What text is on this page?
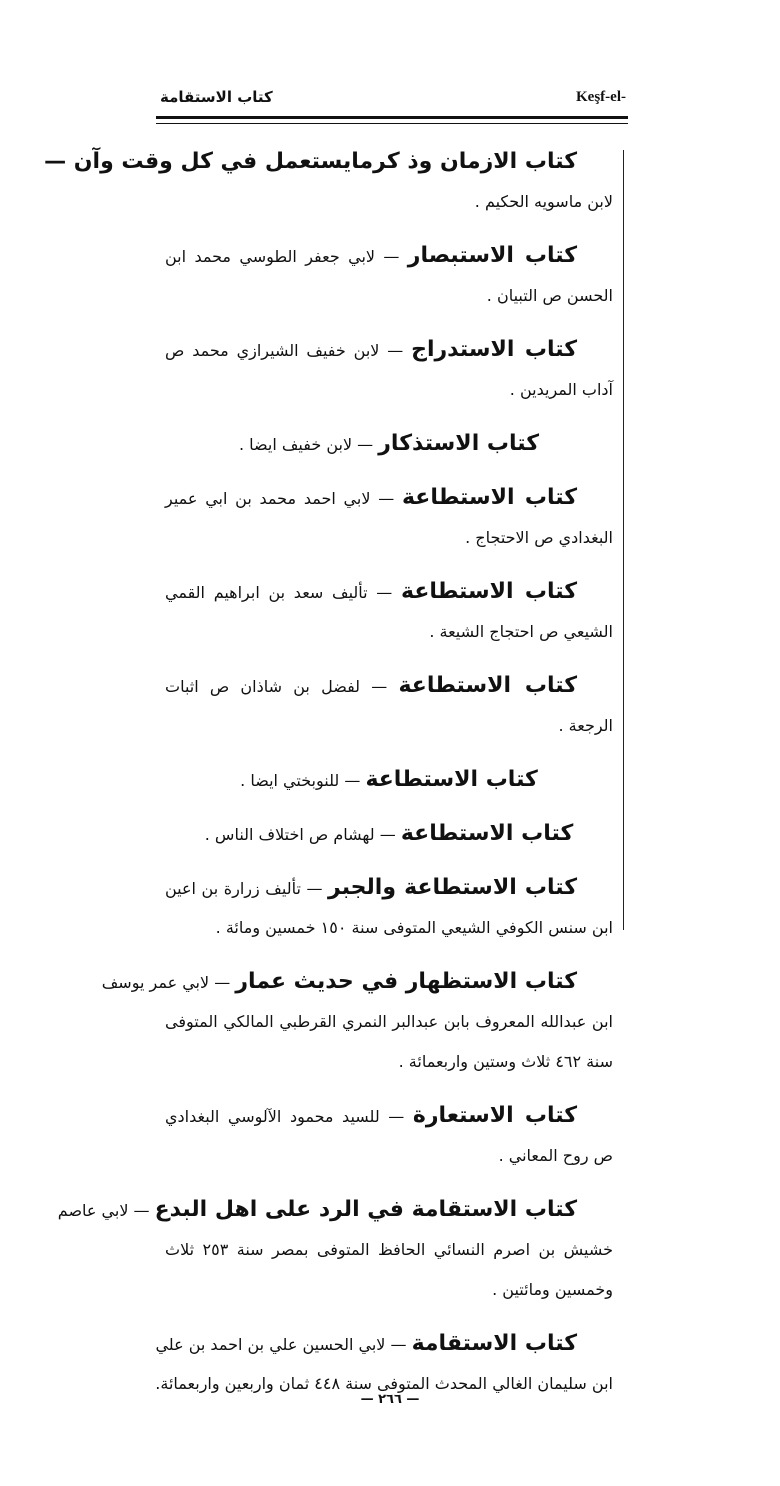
كتاب الاستقامة	Keşf-el-
كتاب الازمان وذ كرمايستعمل في كل وقت وآن —
لابن ماسويه الحكيم .
كتاب الاستبصار — لابي جعفر الطوسي محمد ابن
الحسن ص التبيان .
كتاب الاستدراج — لابن خفيف الشيرازي محمد ص
آداب المريدين .
كتاب الاستذكار — لابن خفيف ايضا .
كتاب الاستطاعة — لابي احمد محمد بن ابي عمير
البغدادي ص الاحتجاج .
كتاب الاستطاعة — تأليف سعد بن ابراهيم القمي
الشيعي ص احتجاج الشيعة .
كتاب الاستطاعة — لفضل بن شاذان ص اثبات
الرجعة .
كتاب الاستطاعة — للنوبختي ايضا .
كتاب الاستطاعة — لهشام ص اختلاف الناس .
كتاب الاستطاعة والجبر — تأليف زرارة بن اعين
ابن سنس الكوفي الشيعي المتوفى سنة ١٥٠ خمسين ومائة .
كتاب الاستظهار في حديث عمار — لابي عمر يوسف
ابن عبدالله المعروف بابن عبدالبر النمري القرطبي المالكي المتوفى
سنة ٤٦٢ ثلاث وستين واربعمائة .
كتاب الاستعارة — للسيد محمود الآلوسي البغدادي
ص روح المعاني .
كتاب الاستقامة في الرد على اهل البدع — لابي عاصم
خشيش بن اصرم النسائي الحافظ المتوفى بمصر سنة ٢٥٣ ثلاث
وخمسين ومائتين .
كتاب الاستقامة — لابي الحسين علي بن احمد بن علي
ابن سليمان الغالي المحدث المتوفى سنة ٤٤٨ ثمان واربعين واربعمائة.
— ٢٦٦ —
